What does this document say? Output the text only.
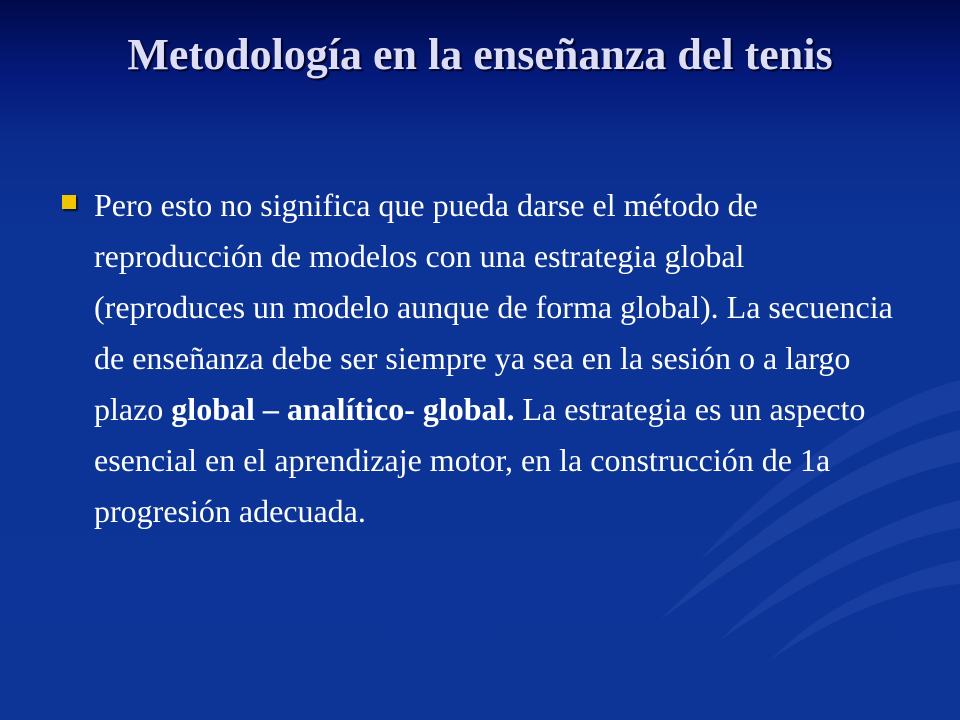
Metodología en la enseñanza del tenis
Pero esto no significa que pueda darse el método de reproducción de modelos con una estrategia global (reproduces un modelo aunque de forma global). La secuencia de enseñanza debe ser siempre ya sea en la sesión o a largo plazo global – analítico- global. La estrategia es un aspecto esencial en el aprendizaje motor, en la construcción de 1a progresión adecuada.
